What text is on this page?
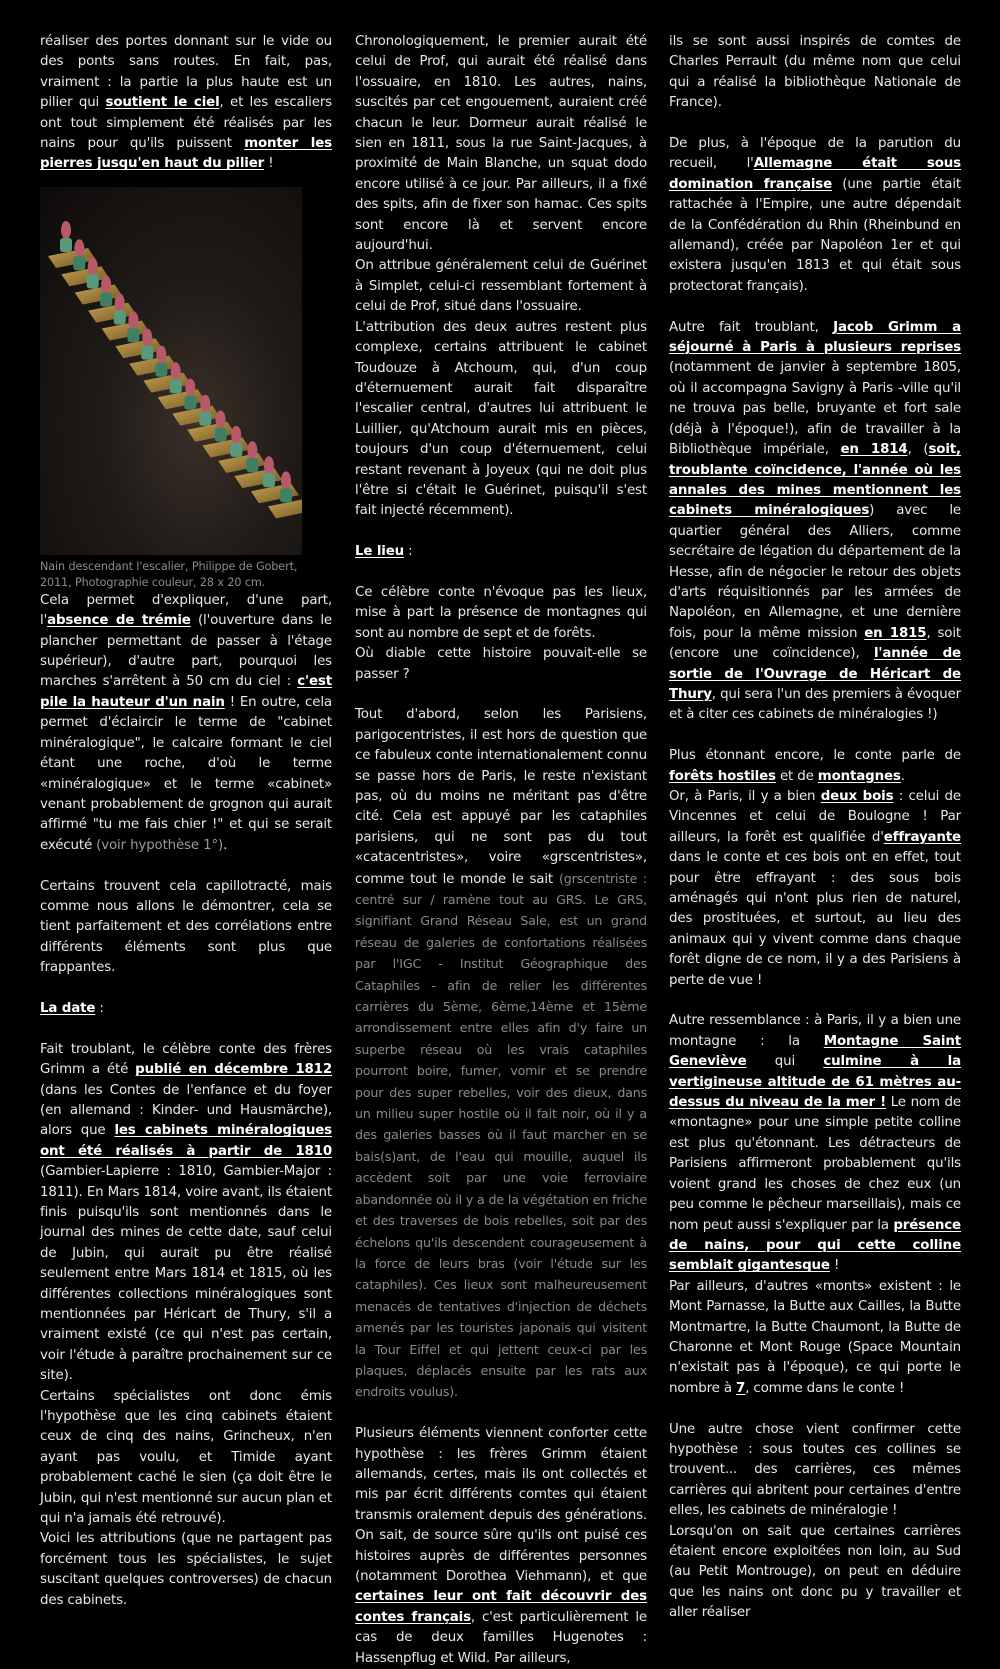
réaliser des portes donnant sur le vide ou des ponts sans routes. En fait, pas, vraiment : la partie la plus haute est un pilier qui soutient le ciel, et les escaliers ont tout simplement été réalisés par les nains pour qu'ils puissent monter les pierres jusqu'en haut du pilier !

Nain descendant l'escalier, Philippe de Gobert, 2011, Photographie couleur, 28 x 20 cm.

Cela permet d'expliquer, d'une part, l'absence de trémie (l'ouverture dans le plancher permettant de passer à l'étage supérieur), d'autre part, pourquoi les marches s'arrêtent à 50 cm du ciel : c'est pile la hauteur d'un nain ! En outre, cela permet d'éclaircir le terme de "cabinet minéralogique", le calcaire formant le ciel étant une roche, d'où le terme «minéralogique» et le terme «cabinet» venant probablement de grognon qui aurait affirmé "tu me fais chier !" et qui se serait exécuté (voir hypothèse 1°).

Certains trouvent cela capillotracté, mais comme nous allons le démontrer, cela se tient parfaitement et des corrélations entre différents éléments sont plus que frappantes.

La date :

Fait troublant, le célèbre conte des frères Grimm a été publié en décembre 1812 (dans les Contes de l'enfance et du foyer (en allemand : Kinder- und Hausmärche), alors que les cabinets minéralogiques ont été réalisés à partir de 1810 (Gambier-Lapierre : 1810, Gambier-Major : 1811). En Mars 1814, voire avant, ils étaient finis puisqu'ils sont mentionnés dans le journal des mines de cette date, sauf celui de Jubin, qui aurait pu être réalisé seulement entre Mars 1814 et 1815, où les différentes collections minéralogiques sont mentionnées par Héricart de Thury, s'il a vraiment existé (ce qui n'est pas certain, voir l'étude à paraître prochainement sur ce site).

Certains spécialistes ont donc émis l'hypothèse que les cinq cabinets étaient ceux de cinq des nains, Grincheux, n'en ayant pas voulu, et Timide ayant probablement caché le sien (ça doit être le Jubin, qui n'est mentionné sur aucun plan et qui n'a jamais été retrouvé).

Voici les attributions (que ne partagent pas forcément tous les spécialistes, le sujet suscitant quelques controverses) de chacun des cabinets.

Chronologiquement, le premier aurait été celui de Prof, qui aurait été réalisé dans l'ossuaire, en 1810. Les autres, nains, suscités par cet engouement, auraient créé chacun le leur. Dormeur aurait réalisé le sien en 1811, sous la rue Saint-Jacques, à proximité de Main Blanche, un squat dodo encore utilisé à ce jour. Par ailleurs, il a fixé des spits, afin de fixer son hamac. Ces spits sont encore là et servent encore aujourd'hui.

On attribue généralement celui de Guérinet à Simplet, celui-ci ressemblant fortement à celui de Prof, situé dans l'ossuaire.

L'attribution des deux autres restent plus complexe, certains attribuent le cabinet Toudouze à Atchoum, qui, d'un coup d'éternuement aurait fait disparaître l'escalier central, d'autres lui attribuent le Luillier, qu'Atchoum aurait mis en pièces, toujours d'un coup d'éternuement, celui restant revenant à Joyeux (qui ne doit plus l'être si c'était le Guérinet, puisqu'il s'est fait injecté récemment).

Le lieu :

Ce célèbre conte n'évoque pas les lieux, mise à part la présence de montagnes qui sont au nombre de sept et de forêts.

Où diable cette histoire pouvait-elle se passer ?

Tout d'abord, selon les Parisiens, parigocentristes, il est hors de question que ce fabuleux conte internationalement connu se passe hors de Paris, le reste n'existant pas, où du moins ne méritant pas d'être cité. Cela est appuyé par les cataphiles parisiens, qui ne sont pas du tout «catacentristes», voire «grscentristes», comme tout le monde le sait (grscentriste : centré sur / ramène tout au GRS. Le GRS, signifiant Grand Réseau Sale, est un grand réseau de galeries de confortations réalisées par l'IGC - Institut Géographique des Cataphiles - afin de relier les différentes carrières du 5ème, 6ème,14ème et 15ème arrondissement entre elles afin d'y faire un superbe réseau où les vrais cataphiles pourront boire, fumer, vomir et se prendre pour des super rebelles, voir des dieux, dans un milieu super hostile où il fait noir, où il y a des galeries basses où il faut marcher en se bais(s)ant, de l'eau qui mouille, auquel ils accèdent soit par une voie ferroviaire abandonnée où il y a de la végétation en friche et des traverses de bois rebelles, soit par des échelons qu'ils descendent courageusement à la force de leurs bras (voir l'étude sur les cataphiles). Ces lieux sont malheureusement menacés de tentatives d'injection de déchets amenés par les touristes japonais qui visitent la Tour Eiffel et qui jettent ceux-ci par les plaques, déplacés ensuite par les rats aux endroits voulus).

Plusieurs éléments viennent conforter cette hypothèse : les frères Grimm étaient allemands, certes, mais ils ont collectés et mis par écrit différents comtes qui étaient transmis oralement depuis des générations. On sait, de source sûre qu'ils ont puisé ces histoires auprès de différentes personnes (notamment Dorothea Viehmann), et que certaines leur ont fait découvrir des contes français, c'est particulièrement le cas de deux familles Hugenotes : Hassenpflug et Wild. Par ailleurs,

ils se sont aussi inspirés de comtes de Charles Perrault (du même nom que celui qui a réalisé la bibliothèque Nationale de France).

De plus, à l'époque de la parution du recueil, l'Allemagne était sous domination française (une partie était rattachée à l'Empire, une autre dépendait de la Confédération du Rhin (Rheinbund en allemand), créée par Napoléon 1er et qui existera jusqu'en 1813 et qui était sous protectorat français).

Autre fait troublant, Jacob Grimm a séjourné à Paris à plusieurs reprises (notamment de janvier à septembre 1805, où il accompagna Savigny à Paris -ville qu'il ne trouva pas belle, bruyante et fort sale (déjà à l'époque!), afin de travailler à la Bibliothèque impériale, en 1814, (soit, troublante coïncidence, l'année où les annales des mines mentionnent les cabinets minéralogiques) avec le quartier général des Alliers, comme secrétaire de légation du département de la Hesse, afin de négocier le retour des objets d'arts réquisitionnés par les armées de Napoléon, en Allemagne, et une dernière fois, pour la même mission en 1815, soit (encore une coïncidence), l'année de sortie de l'Ouvrage de Héricart de Thury, qui sera l'un des premiers à évoquer et à citer ces cabinets de minéralogies !)

Plus étonnant encore, le conte parle de forêts hostiles et de montagnes.

Or, à Paris, il y a bien deux bois : celui de Vincennes et celui de Boulogne ! Par ailleurs, la forêt est qualifiée d'effrayante dans le conte et ces bois ont en effet, tout pour être effrayant : des sous bois aménagés qui n'ont plus rien de naturel, des prostituées, et surtout, au lieu des animaux qui y vivent comme dans chaque forêt digne de ce nom, il y a des Parisiens à perte de vue !

Autre ressemblance : à Paris, il y a bien une montagne : la Montagne Saint Geneviève qui culmine à la vertigineuse altitude de 61 mètres au-dessus du niveau de la mer ! Le nom de «montagne» pour une simple petite colline est plus qu'étonnant. Les détracteurs de Parisiens affirmeront probablement qu'ils voient grand les choses de chez eux (un peu comme le pêcheur marseillais), mais ce nom peut aussi s'expliquer par la présence de nains, pour qui cette colline semblait gigantesque !

Par ailleurs, d'autres «monts» existent : le Mont Parnasse, la Butte aux Cailles, la Butte Montmartre, la Butte Chaumont, la Butte de Charonne et Mont Rouge (Space Mountain n'existait pas à l'époque), ce qui porte le nombre à 7, comme dans le conte !

Une autre chose vient confirmer cette hypothèse : sous toutes ces collines se trouvent... des carrières, ces mêmes carrières qui abritent pour certaines d'entre elles, les cabinets de minéralogie !

Lorsqu'on on sait que certaines carrières étaient encore exploitées non loin, au Sud (au Petit Montrouge), on peut en déduire que les nains ont donc pu y travailler et aller réaliser
